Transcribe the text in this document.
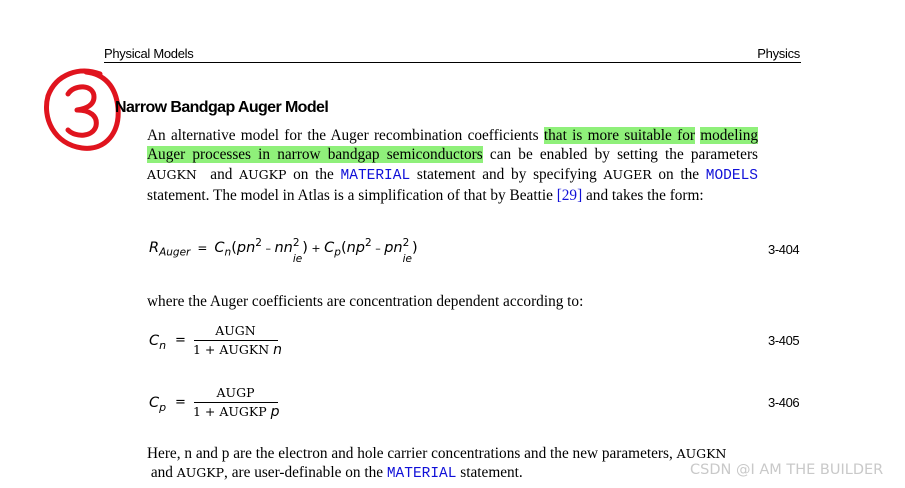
Physical Models	Physics
Narrow Bandgap Auger Model
An alternative model for the Auger recombination coefficients that is more suitable for modeling Auger processes in narrow bandgap semiconductors can be enabled by setting the parameters AUGKN  and AUGKP on the MATERIAL statement and by specifying AUGER on the MODELS statement. The model in Atlas is a simplification of that by Beattie [29] and takes the form:
$R_{Auger} = C_n(pn^2$ – nn 2
ie
) + $C_p(np^2$ – pn 2
ie
)	3-404
where the Auger coefficients are concentration dependent according to:
$C_n$ =
AUGN
1 + AUGKN n
3-405
$C_p$ =
AUGP
1 + AUGKP p
3-406
Here, n and p are the electron and hole carrier concentrations and the new parameters, AUGKN
and AUGKP, are user-definable on the MATERIAL statement.	CSDN @I AM THE BUILDER
